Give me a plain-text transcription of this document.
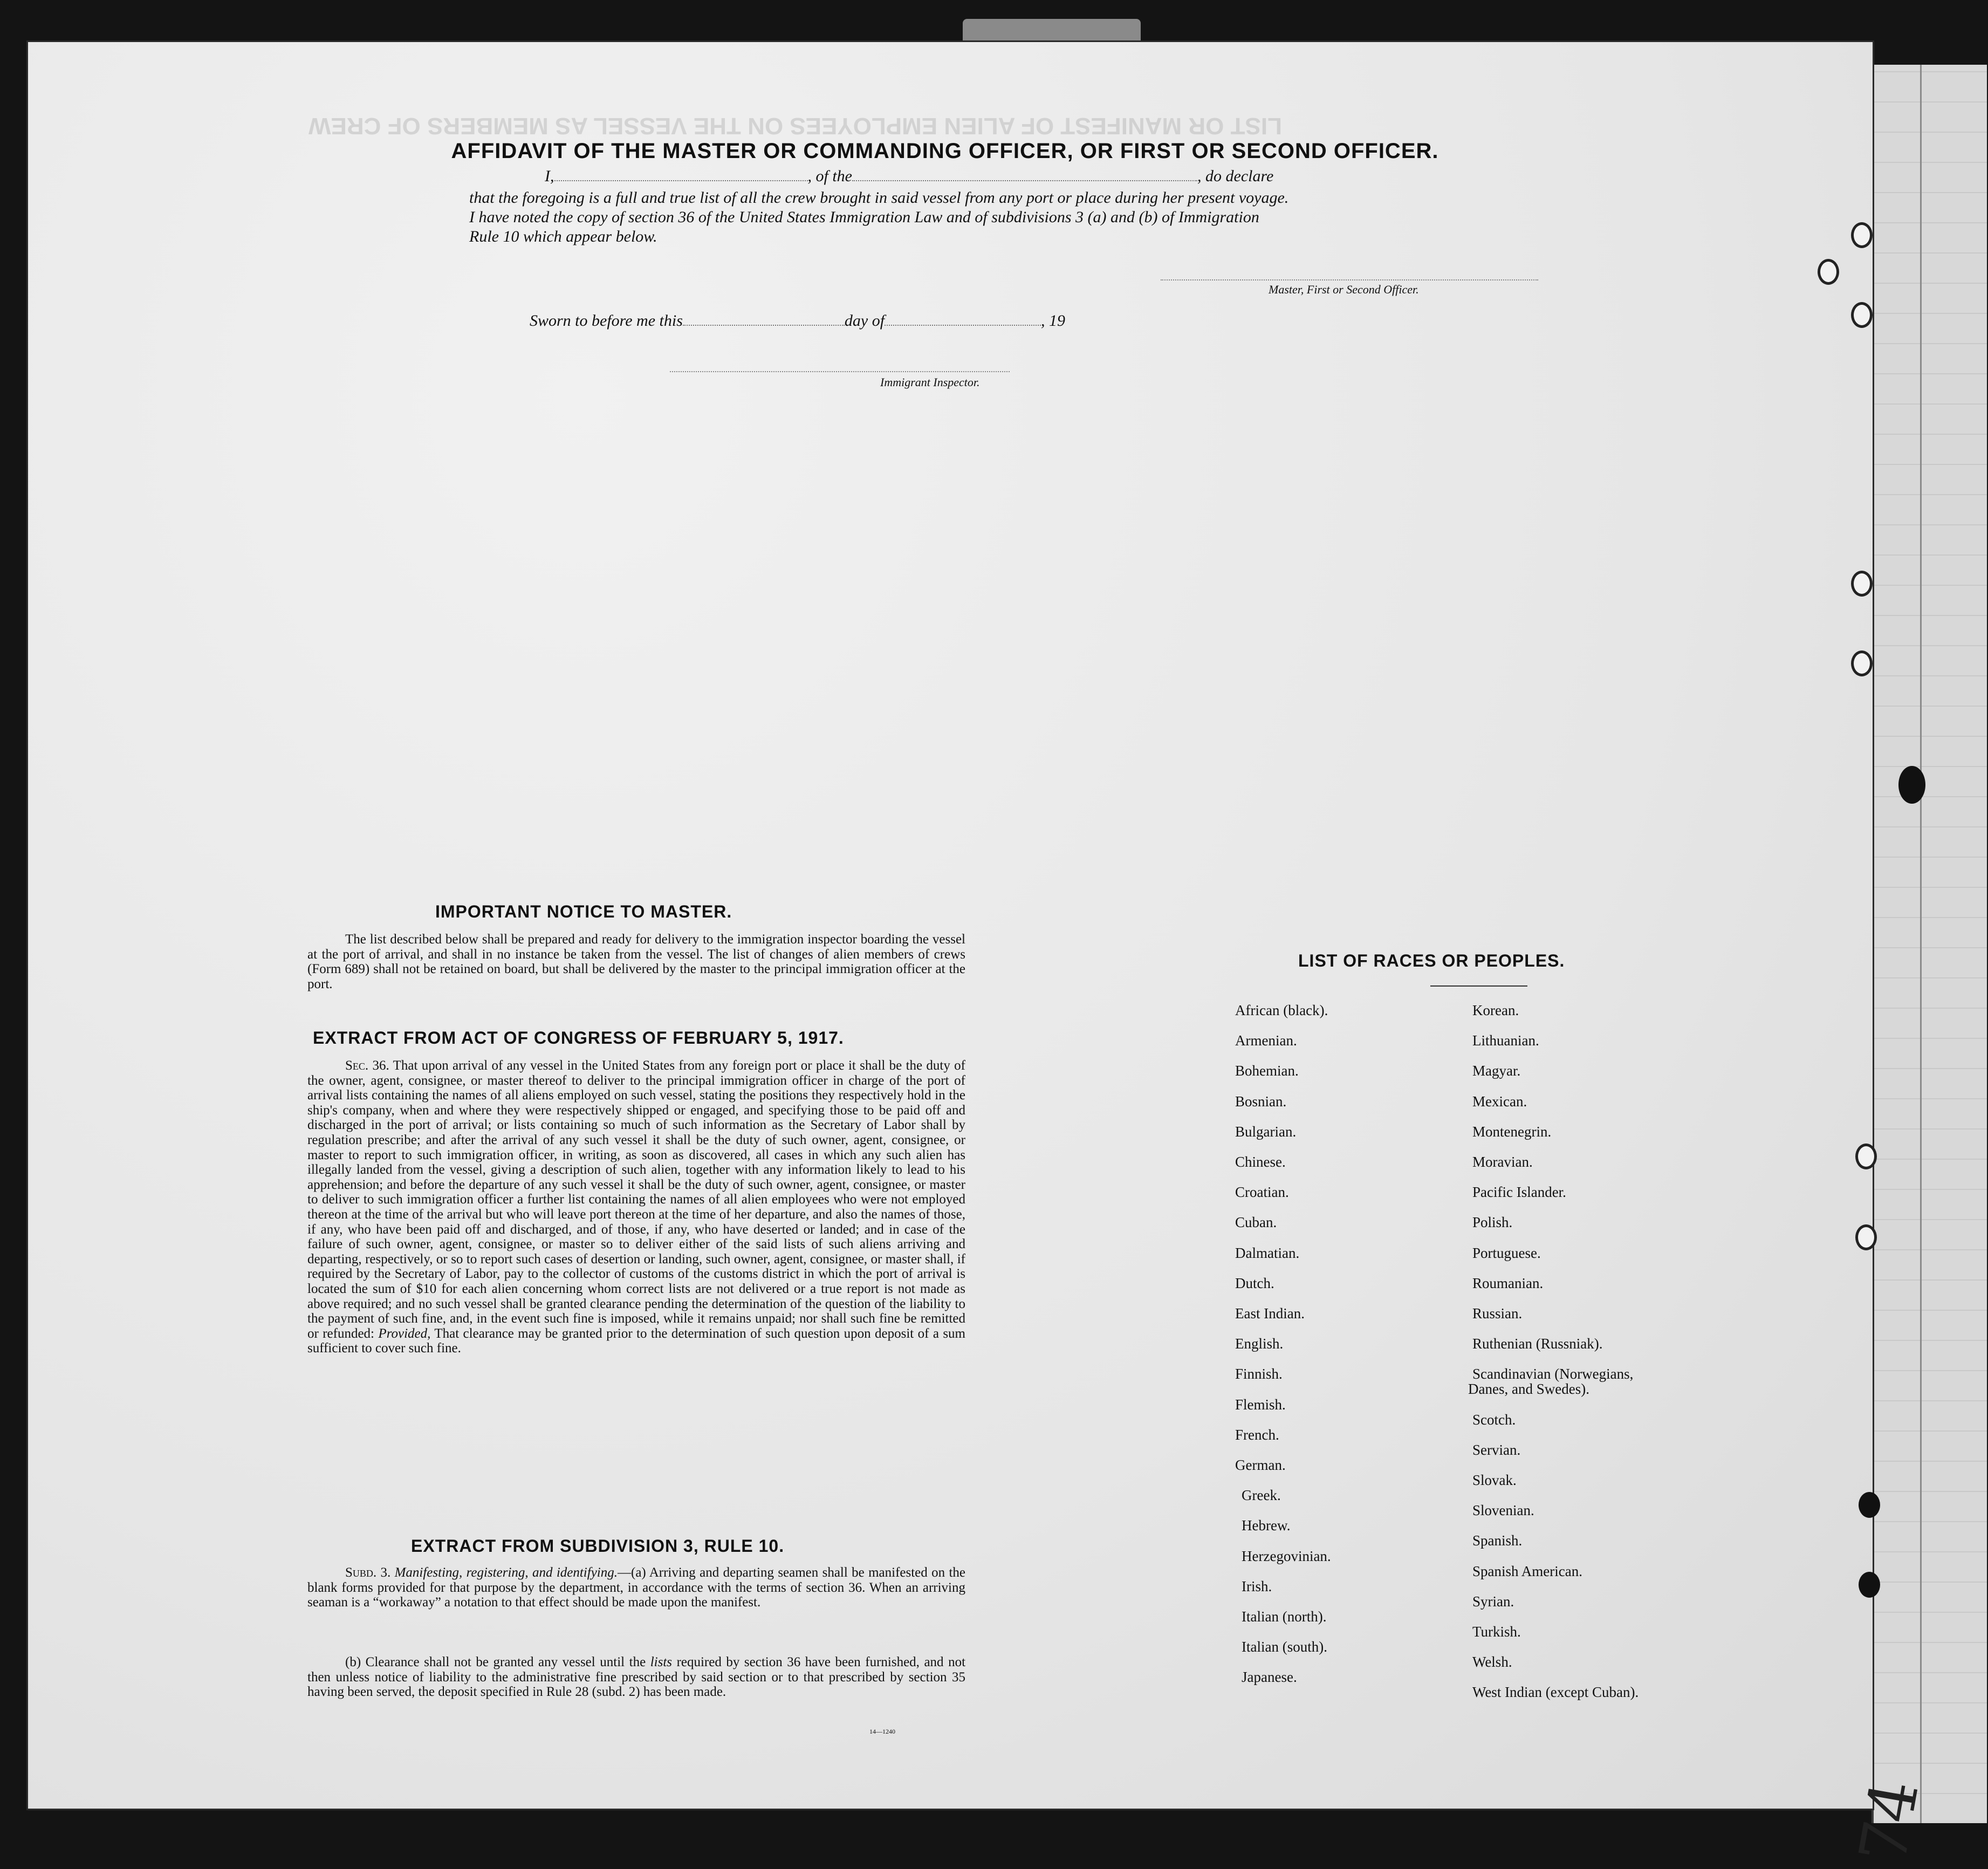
LIST OR MANIFEST OF ALIEN EMPLOYEES ON THE VESSEL AS MEMBERS OF CREW
AFFIDAVIT OF THE MASTER OR COMMANDING OFFICER, OR FIRST OR SECOND OFFICER.
I,	, of the	, do declare
that the foregoing is a full and true list of all the crew brought in said vessel from any port or place during her present voyage.
I have noted the copy of section 36 of the United States Immigration Law and of subdivisions 3 (a) and (b) of Immigration
Rule 10 which appear below.
Master, First or Second Officer.
Sworn to before me this	day of	, 19
Immigrant Inspector.
IMPORTANT NOTICE TO MASTER.
The list described below shall be prepared and ready for delivery to the immigration inspector boarding the vessel at the port of arrival, and shall in no instance be taken from the vessel. The list of changes of alien members of crews (Form 689) shall not be retained on board, but shall be delivered by the master to the principal immigration officer at the port.
EXTRACT FROM ACT OF CONGRESS OF FEBRUARY 5, 1917.
Sec. 36. That upon arrival of any vessel in the United States from any foreign port or place it shall be the duty of the owner, agent, consignee, or master thereof to deliver to the principal immigration officer in charge of the port of arrival lists containing the names of all aliens employed on such vessel, stating the positions they respectively hold in the ship's company, when and where they were respectively shipped or engaged, and specifying those to be paid off and discharged in the port of arrival; or lists containing so much of such information as the Secretary of Labor shall by regulation prescribe; and after the arrival of any such vessel it shall be the duty of such owner, agent, consignee, or master to report to such immigration officer, in writing, as soon as discovered, all cases in which any such alien has illegally landed from the vessel, giving a description of such alien, together with any information likely to lead to his apprehension; and before the departure of any such vessel it shall be the duty of such owner, agent, consignee, or master to deliver to such immigration officer a further list containing the names of all alien employees who were not employed thereon at the time of the arrival but who will leave port thereon at the time of her departure, and also the names of those, if any, who have been paid off and discharged, and of those, if any, who have deserted or landed; and in case of the failure of such owner, agent, consignee, or master so to deliver either of the said lists of such aliens arriving and departing, respectively, or so to report such cases of desertion or landing, such owner, agent, consignee, or master shall, if required by the Secretary of Labor, pay to the collector of customs of the customs district in which the port of arrival is located the sum of $10 for each alien concerning whom correct lists are not delivered or a true report is not made as above required; and no such vessel shall be granted clearance pending the determination of the question of the liability to the payment of such fine, and, in the event such fine is imposed, while it remains unpaid; nor shall such fine be remitted or refunded: Provided, That clearance may be granted prior to the determination of such question upon deposit of a sum sufficient to cover such fine.
EXTRACT FROM SUBDIVISION 3, RULE 10.
Subd. 3. Manifesting, registering, and identifying.—(a) Arriving and departing seamen shall be manifested on the blank forms provided for that purpose by the department, in accordance with the terms of section 36. When an arriving seaman is a “workaway” a notation to that effect should be made upon the manifest.
(b) Clearance shall not be granted any vessel until the lists required by section 36 have been furnished, and not then unless notice of liability to the administrative fine prescribed by said section or to that prescribed by section 35 having been served, the deposit specified in Rule 28 (subd. 2) has been made.
14—1240
LIST OF RACES OR PEOPLES.
African (black).
Armenian.
Bohemian.
Bosnian.
Bulgarian.
Chinese.
Croatian.
Cuban.
Dalmatian.
Dutch.
East Indian.
English.
Finnish.
Flemish.
French.
German.
Greek.
Hebrew.
Herzegovinian.
Irish.
Italian (north).
Italian (south).
Japanese.
Korean.
Lithuanian.
Magyar.
Mexican.
Montenegrin.
Moravian.
Pacific Islander.
Polish.
Portuguese.
Roumanian.
Russian.
Ruthenian (Russniak).
Scandinavian (Norwegians,
Danes, and Swedes).
Scotch.
Servian.
Slovak.
Slovenian.
Spanish.
Spanish American.
Syrian.
Turkish.
Welsh.
West Indian (except Cuban).
74
